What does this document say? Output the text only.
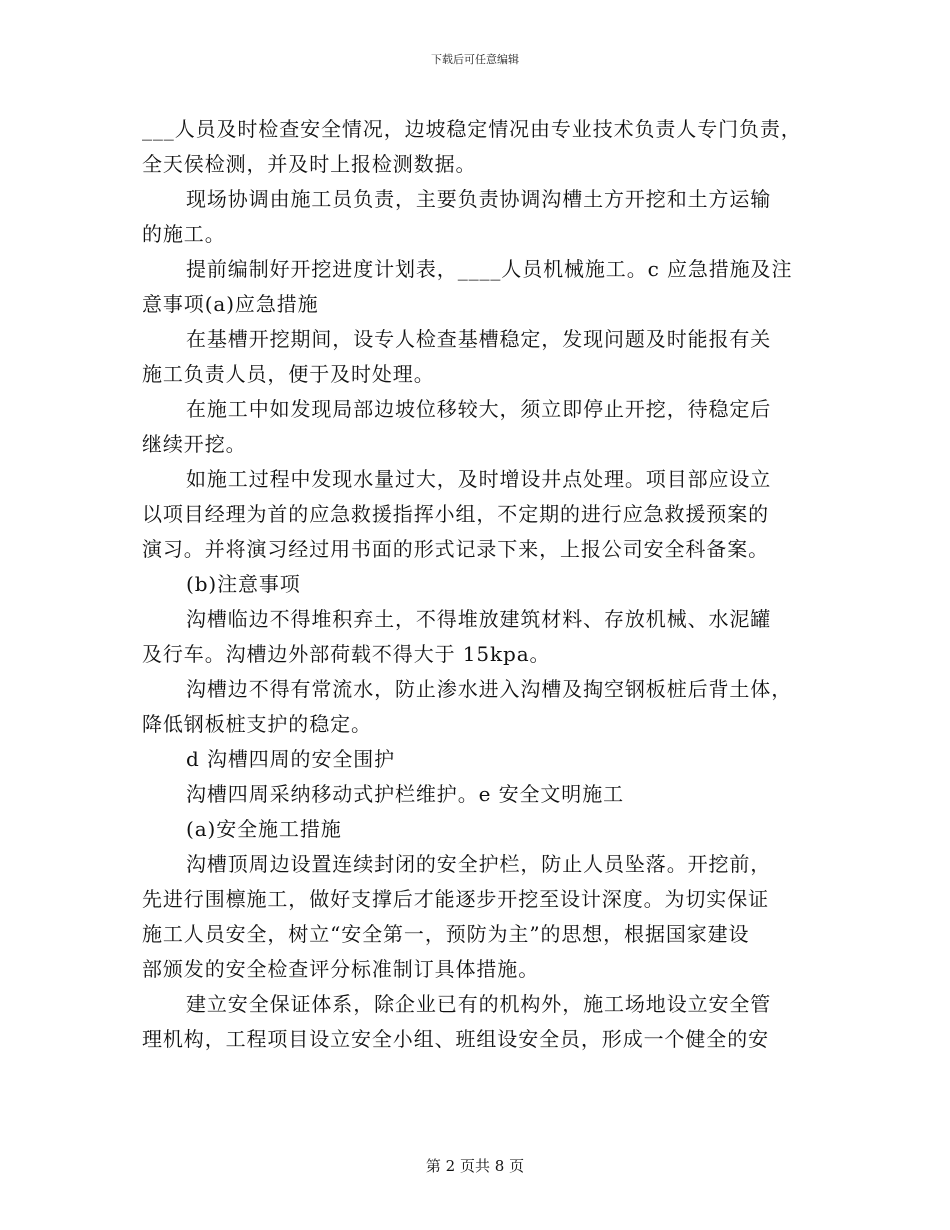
下载后可任意编辑
___人员及时检查安全情况，边坡稳定情况由专业技术负责人专门负责，
全天侯检测，并及时上报检测数据。
现场协调由施工员负责，主要负责协调沟槽土方开挖和土方运输
的施工。
提前编制好开挖进度计划表，____人员机械施工。c 应急措施及注
意事项(a)应急措施
在基槽开挖期间，设专人检查基槽稳定，发现问题及时能报有关
施工负责人员，便于及时处理。
在施工中如发现局部边坡位移较大，须立即停止开挖，待稳定后
继续开挖。
如施工过程中发现水量过大，及时增设井点处理。项目部应设立
以项目经理为首的应急救援指挥小组，不定期的进行应急救援预案的
演习。并将演习经过用书面的形式记录下来，上报公司安全科备案。
(b)注意事项
沟槽临边不得堆积弃土，不得堆放建筑材料、存放机械、水泥罐
及行车。沟槽边外部荷载不得大于 15kpa。
沟槽边不得有常流水，防止渗水进入沟槽及掏空钢板桩后背土体，
降低钢板桩支护的稳定。
d 沟槽四周的安全围护
沟槽四周采纳移动式护栏维护。e 安全文明施工
(a)安全施工措施
沟槽顶周边设置连续封闭的安全护栏，防止人员坠落。开挖前，
先进行围檩施工，做好支撑后才能逐步开挖至设计深度。为切实保证
施工人员安全，树立“安全第一，预防为主”的思想，根据国家建设
部颁发的安全检查评分标准制订具体措施。
建立安全保证体系，除企业已有的机构外，施工场地设立安全管
理机构，工程项目设立安全小组、班组设安全员，形成一个健全的安
第 2 页共 8 页
